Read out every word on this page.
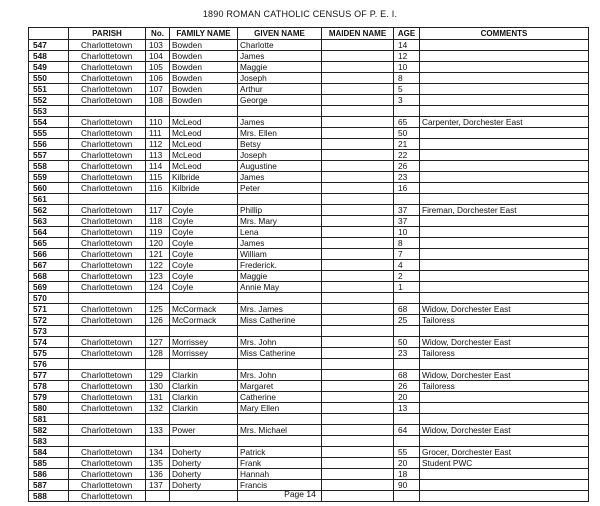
1890 ROMAN CATHOLIC CENSUS OF P. E. I.
	PARISH	No.	FAMILY NAME	GIVEN NAME	MAIDEN NAME	AGE	COMMENTS
547	Charlottetown	103	Bowden	Charlotte		14	
548	Charlottetown	104	Bowden	James		12	
549	Charlottetown	105	Bowden	Maggie		10	
550	Charlottetown	106	Bowden	Joseph		8	
551	Charlottetown	107	Bowden	Arthur		5	
552	Charlottetown	108	Bowden	George		3	
553							
554	Charlottetown	110	McLeod	James		65	Carpenter, Dorchester East
555	Charlottetown	111	McLeod	Mrs. Ellen		50	
556	Charlottetown	112	McLeod	Betsy		21	
557	Charlottetown	113	McLeod	Joseph		22	
558	Charlottetown	114	McLeod	Augustine		26	
559	Charlottetown	115	Kilbride	James		23	
560	Charlottetown	116	Kilbride	Peter		16	
561							
562	Charlottetown	117	Coyle	Phillip		37	Fireman, Dorchester East
563	Charlottetown	118	Coyle	Mrs. Mary		37	
564	Charlottetown	119	Coyle	Lena		10	
565	Charlottetown	120	Coyle	James		8	
566	Charlottetown	121	Coyle	William		7	
567	Charlottetown	122	Coyle	Frederick.		4	
568	Charlottetown	123	Coyle	Maggie		2	
569	Charlottetown	124	Coyle	Annie May		1	
570							
571	Charlottetown	125	McCormack	Mrs. James		68	Widow, Dorchester East
572	Charlottetown	126	McCormack	Miss Catherine		25	Tailoress
573							
574	Charlottetown	127	Morrissey	Mrs. John		50	Widow, Dorchester East
575	Charlottetown	128	Morrissey	Miss Catherine		23	Tailoress
576							
577	Charlottetown	129	Clarkin	Mrs. John		68	Widow, Dorchester East
578	Charlottetown	130	Clarkin	Margaret		26	Tailoress
579	Charlottetown	131	Clarkin	Catherine		20	
580	Charlottetown	132	Clarkin	Mary Ellen		13	
581							
582	Charlottetown	133	Power	Mrs. Michael		64	Widow, Dorchester East
583							
584	Charlottetown	134	Doherty	Patrick		55	Grocer, Dorchester East
585	Charlottetown	135	Doherty	Frank		20	Student PWC
586	Charlottetown	136	Doherty	Hannah		18	
587	Charlottetown	137	Doherty	Francis		90	
588	Charlottetown							Page 14
